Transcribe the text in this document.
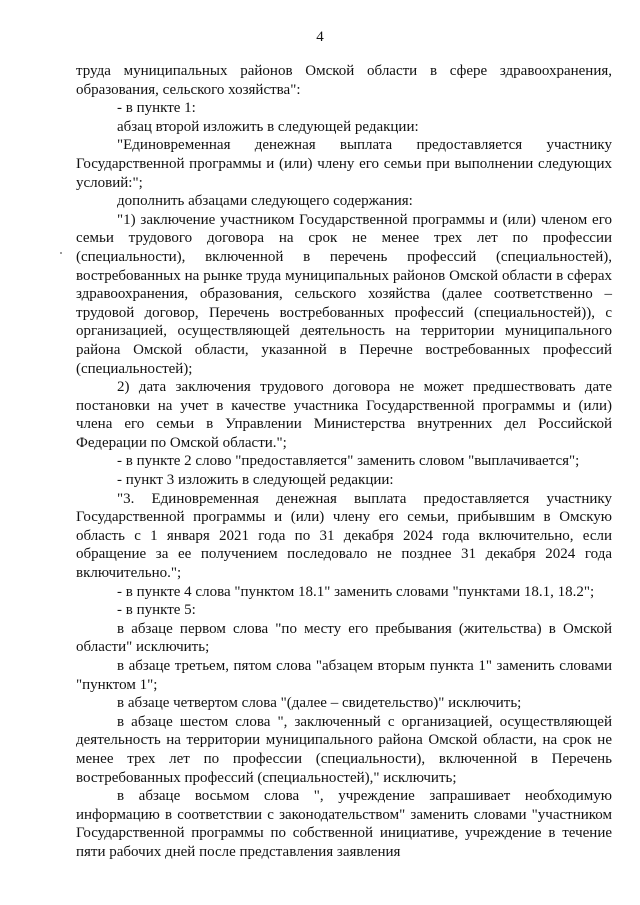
4

труда муниципальных районов Омской области в сфере здравоохранения, образования, сельского хозяйства":

- в пункте 1:

абзац второй изложить в следующей редакции:

"Единовременная денежная выплата предоставляется участнику Государственной программы и (или) члену его семьи при выполнении следующих условий:";

дополнить абзацами следующего содержания:

"1) заключение участником Государственной программы и (или) членом его семьи трудового договора на срок не менее трех лет по профессии (специальности), включенной в перечень профессий (специальностей), востребованных на рынке труда муниципальных районов Омской области в сферах здравоохранения, образования, сельского хозяйства (далее соответственно – трудовой договор, Перечень востребованных профессий (специальностей)), с организацией, осуществляющей деятельность на территории муниципального района Омской области, указанной в Перечне востребованных профессий (специальностей);

2) дата заключения трудового договора не может предшествовать дате постановки на учет в качестве участника Государственной программы и (или) члена его семьи в Управлении Министерства внутренних дел Российской Федерации по Омской области.";

- в пункте 2 слово "предоставляется" заменить словом "выплачивается";

- пункт 3 изложить в следующей редакции:

"3. Единовременная денежная выплата предоставляется участнику Государственной программы и (или) члену его семьи, прибывшим в Омскую область с 1 января 2021 года по 31 декабря 2024 года включительно, если обращение за ее получением последовало не позднее 31 декабря 2024 года включительно.";

- в пункте 4 слова "пунктом 18.1" заменить словами "пунктами 18.1, 18.2";

- в пункте 5:

в абзаце первом слова "по месту его пребывания (жительства) в Омской области" исключить;

в абзаце третьем, пятом слова "абзацем вторым пункта 1" заменить словами "пунктом 1";

в абзаце четвертом слова "(далее – свидетельство)" исключить;

в абзаце шестом слова ", заключенный с организацией, осуществляющей деятельность на территории муниципального района Омской области, на срок не менее трех лет по профессии (специальности), включенной в Перечень востребованных профессий (специальностей)," исключить;

в абзаце восьмом слова ", учреждение запрашивает необходимую информацию в соответствии с законодательством" заменить словами "участником Государственной программы по собственной инициативе, учреждение в течение пяти рабочих дней после представления заявления
